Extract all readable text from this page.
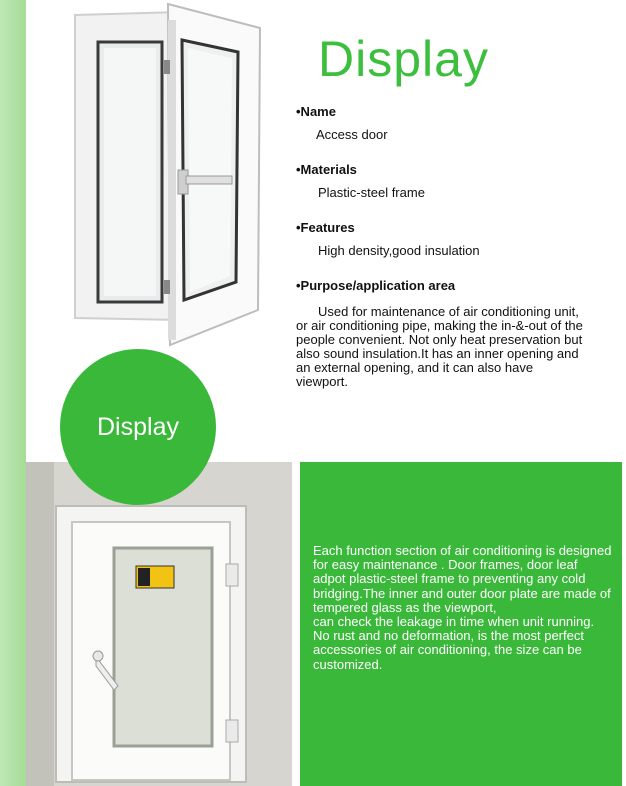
Display
•Name
Access door
•Materials
Plastic-steel frame
•Features
High density,good insulation
•Purpose/application area
Used for maintenance of air conditioning unit, or air conditioning pipe, making the in-&-out of the people convenient. Not only heat preservation but also sound insulation.It has an inner opening and an external opening, and it can also have viewport.
Each function section of air conditioning is designed for easy maintenance . Door frames, door leaf adpot plastic-steel frame to preventing any cold bridging.The inner and outer door plate are made of tempered glass as the viewport,
can check the leakage in time when unit running. No rust and no deformation, is the most perfect accessories of air conditioning, the size can be customized.
Display
